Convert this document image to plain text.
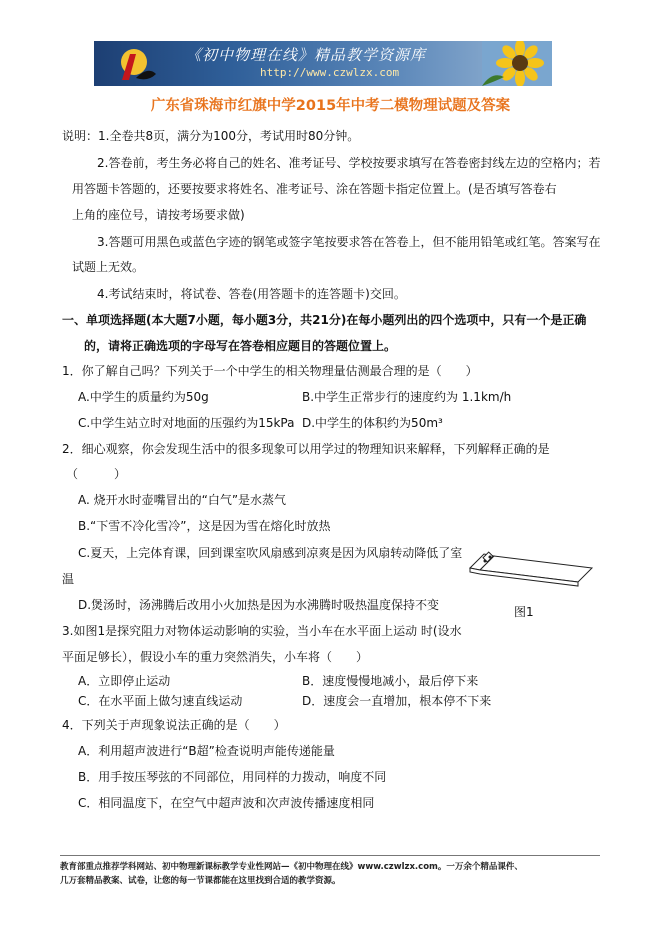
《初中物理在线》精品教学资源库
http://www.czwlzx.com
广东省珠海市红旗中学2015年中考二模物理试题及答案
说明：1.全卷共8页，满分为100分，考试用时80分钟。
2.答卷前，考生务必将自己的姓名、准考证号、学校按要求填写在答卷密封线左边的空格内；若
用答题卡答题的，还要按要求将姓名、准考证号、涂在答题卡指定位置上。(是否填写答卷右
上角的座位号，请按考场要求做)
3.答题可用黑色或蓝色字迹的钢笔或签字笔按要求答在答卷上，但不能用铅笔或红笔。答案写在
试题上无效。
4.考试结束时，将试卷、答卷(用答题卡的连答题卡)交回。
一、单项选择题(本大题7小题，每小题3分，共21分)在每小题列出的四个选项中，只有一个是正确
的，请将正确选项的字母写在答卷相应题目的答题位置上。
1．你了解自己吗？下列关于一个中学生的相关物理量估测最合理的是（　　）
A.中学生的质量约为50g	B.中学生正常步行的速度约为 1.1km/h
C.中学生站立时对地面的压强约为15kPa D.中学生的体积约为50m³
2．细心观察，你会发现生活中的很多现象可以用学过的物理知识来解释，下列解释正确的是
（　　　）
A. 烧开水时壶嘴冒出的“白气”是水蒸气
B.“下雪不冷化雪冷”，这是因为雪在熔化时放热
C.夏天，上完体育课，回到课室吹风扇感到凉爽是因为风扇转动降低了室
温
D.煲汤时，汤沸腾后改用小火加热是因为水沸腾时吸热温度保持不变	图1
3.如图1是探究阻力对物体运动影响的实验，当小车在水平面上运动 时(设水
平面足够长），假设小车的重力突然消失，小车将（　　）
A．立即停止运动	B．速度慢慢地减小，最后停下来
C．在水平面上做匀速直线运动	D．速度会一直增加，根本停不下来
4．下列关于声现象说法正确的是（　　）
A．利用超声波进行“B超”检查说明声能传递能量
B．用手按压琴弦的不同部位，用同样的力拨动，响度不同
C．相同温度下，在空气中超声波和次声波传播速度相同
教育部重点推荐学科网站、初中物理新课标教学专业性网站—《初中物理在线》www.czwlzx.com。一万余个精品课件、
几万套精品教案、试卷，让您的每一节课都能在这里找到合适的教学资源。
